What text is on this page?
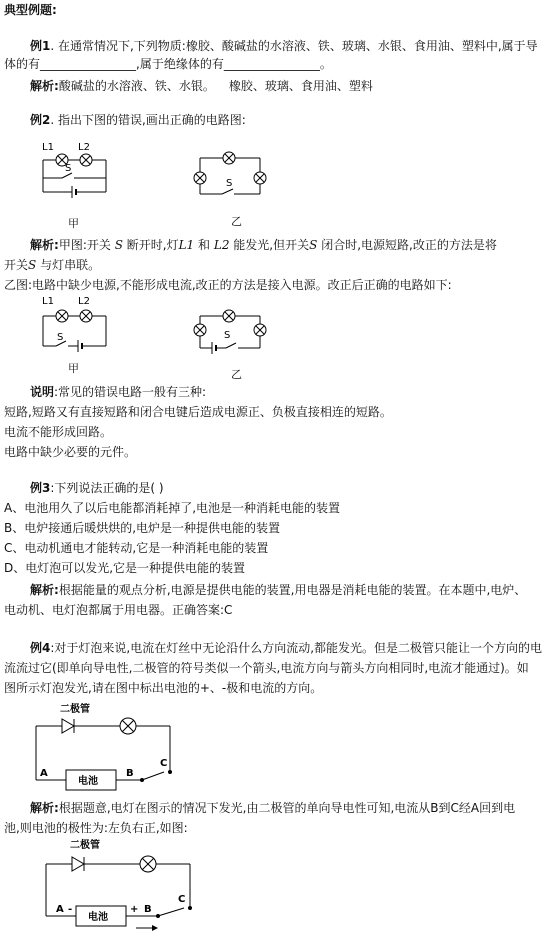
典型例题:
例1. 在通常情况下,下列物质:橡胶、酸碱盐的水溶液、铁、玻璃、水银、食用油、塑料中,属于导
体的有________________,属于绝缘体的有________________。
解析:酸碱盐的水溶液、铁、水银。 橡胶、玻璃、食用油、塑料
例2. 指出下图的错误,画出正确的电路图:
L1 L2
S
S
甲	乙
解析:甲图:开关 S 断开时,灯L1 和 L2 能发光,但开关S 闭合时,电源短路,改正的方法是将
开关S 与灯串联。
乙图:电路中缺少电源,不能形成电流,改正的方法是接入电源。改正后正确的电路如下:
L1 L2
S	S
甲	乙
说明:常见的错误电路一般有三种:
短路,短路又有直接短路和闭合电键后造成电源正、负极直接相连的短路。
电流不能形成回路。
电路中缺少必要的元件。
例3:下列说法正确的是( )
A、电池用久了以后电能都消耗掉了,电池是一种消耗电能的装置
B、电炉接通后暖烘烘的,电炉是一种提供电能的装置
C、电动机通电才能转动,它是一种消耗电能的装置
D、电灯泡可以发光,它是一种提供电能的装置
解析:根据能量的观点分析,电源是提供电能的装置,用电器是消耗电能的装置。在本题中,电炉、
电动机、电灯泡都属于用电器。正确答案:C
例4:对于灯泡来说,电流在灯丝中无论沿什么方向流动,都能发光。但是二极管只能让一个方向的电
流流过它(即单向导电性,二极管的符号类似一个箭头,电流方向与箭头方向相同时,电流才能通过)。如
图所示灯泡发光,请在图中标出电池的+、-极和电流的方向。
二极管
电池
A	B
C
解析:根据题意,电灯在图示的情况下发光,由二极管的单向导电性可知,电流从B到C经A回到电
池,则电池的极性为:左负右正,如图:
二极管
电池
A -	+ B
C
